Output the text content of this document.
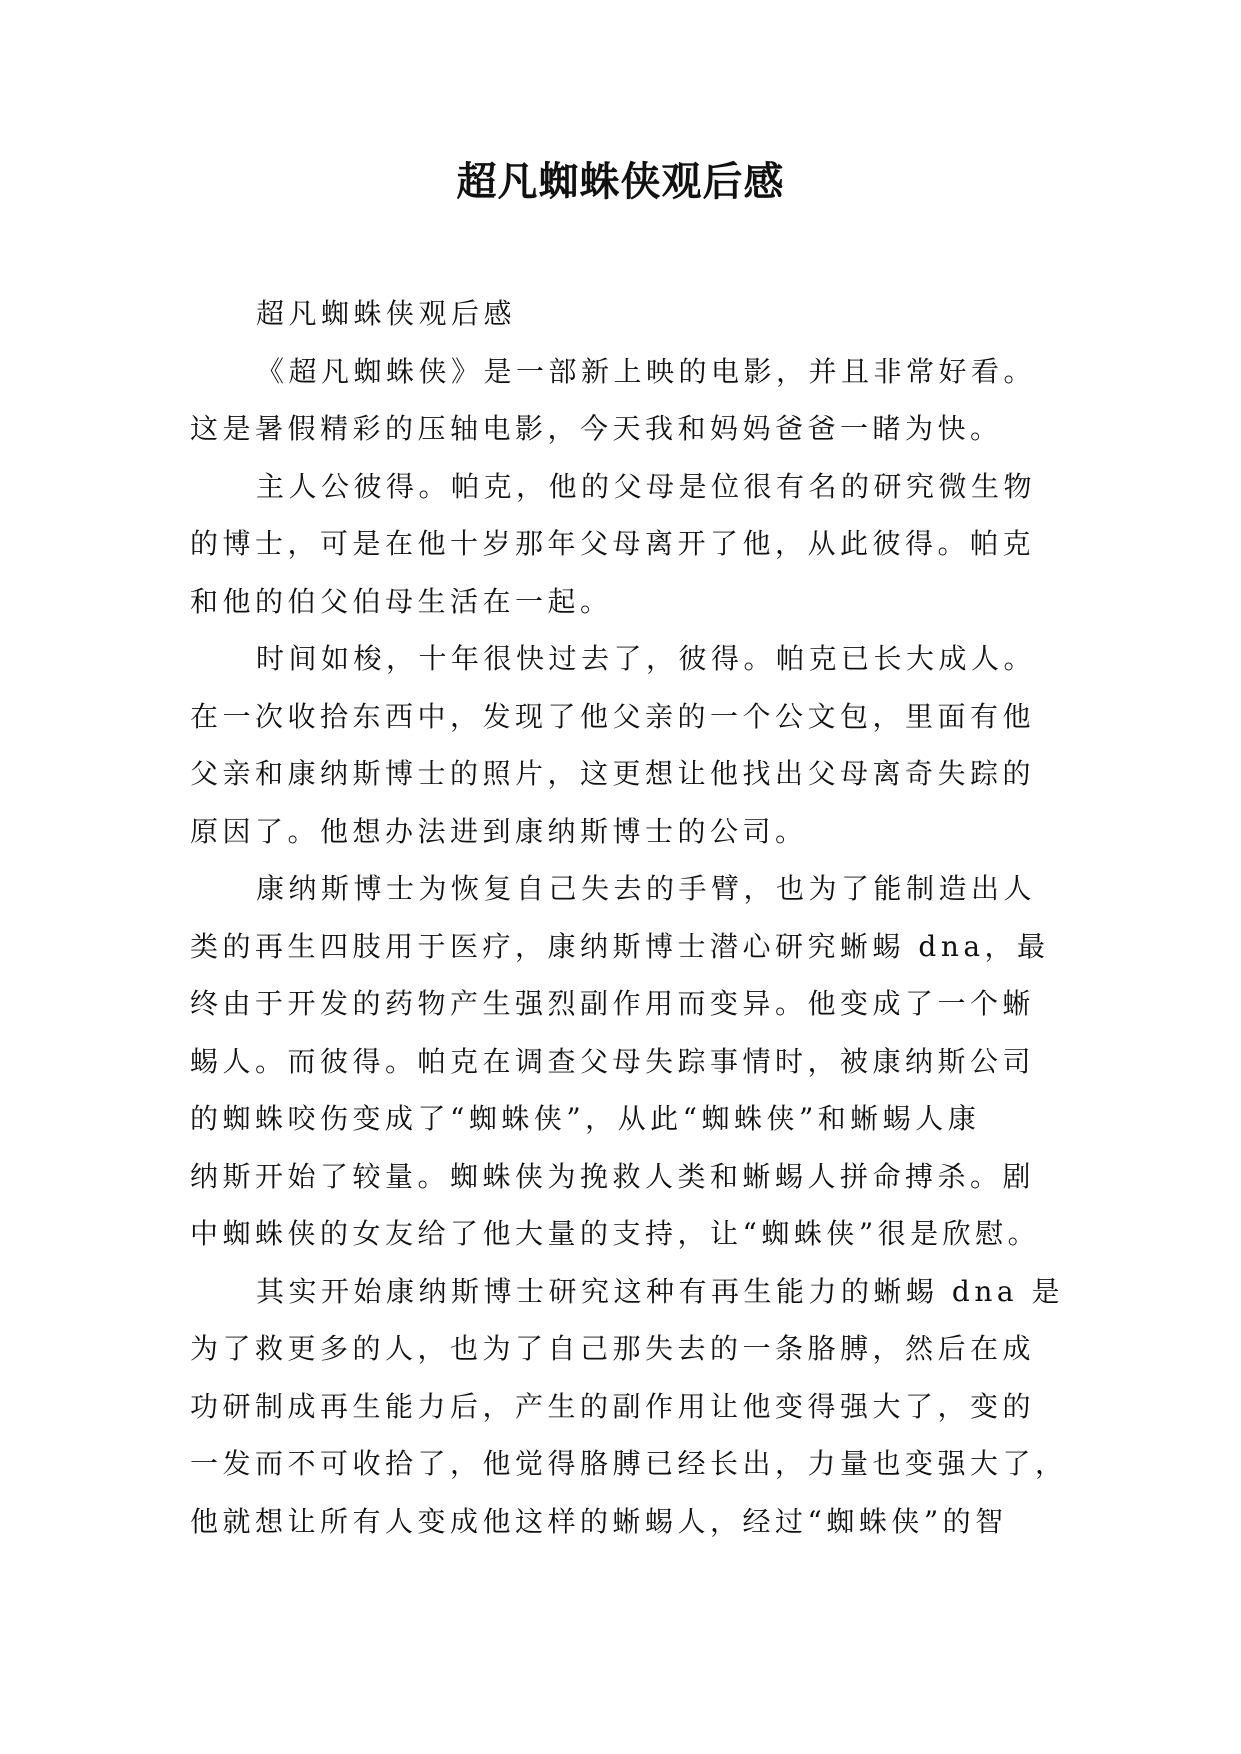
超凡蜘蛛侠观后感
超凡蜘蛛侠观后感
《超凡蜘蛛侠》是一部新上映的电影，并且非常好看。
这是暑假精彩的压轴电影，今天我和妈妈爸爸一睹为快。
主人公彼得。帕克，他的父母是位很有名的研究微生物
的博士，可是在他十岁那年父母离开了他，从此彼得。帕克
和他的伯父伯母生活在一起。
时间如梭，十年很快过去了，彼得。帕克已长大成人。
在一次收拾东西中，发现了他父亲的一个公文包，里面有他
父亲和康纳斯博士的照片，这更想让他找出父母离奇失踪的
原因了。他想办法进到康纳斯博士的公司。
康纳斯博士为恢复自己失去的手臂，也为了能制造出人
类的再生四肢用于医疗，康纳斯博士潜心研究蜥蜴 dna，最
终由于开发的药物产生强烈副作用而变异。他变成了一个蜥
蜴人。而彼得。帕克在调查父母失踪事情时，被康纳斯公司
的蜘蛛咬伤变成了“蜘蛛侠”，从此“蜘蛛侠”和蜥蜴人康
纳斯开始了较量。蜘蛛侠为挽救人类和蜥蜴人拼命搏杀。剧
中蜘蛛侠的女友给了他大量的支持，让“蜘蛛侠”很是欣慰。
其实开始康纳斯博士研究这种有再生能力的蜥蜴 dna 是
为了救更多的人，也为了自己那失去的一条胳膊，然后在成
功研制成再生能力后，产生的副作用让他变得强大了，变的
一发而不可收拾了，他觉得胳膊已经长出，力量也变强大了，
他就想让所有人变成他这样的蜥蜴人，经过“蜘蛛侠”的智
